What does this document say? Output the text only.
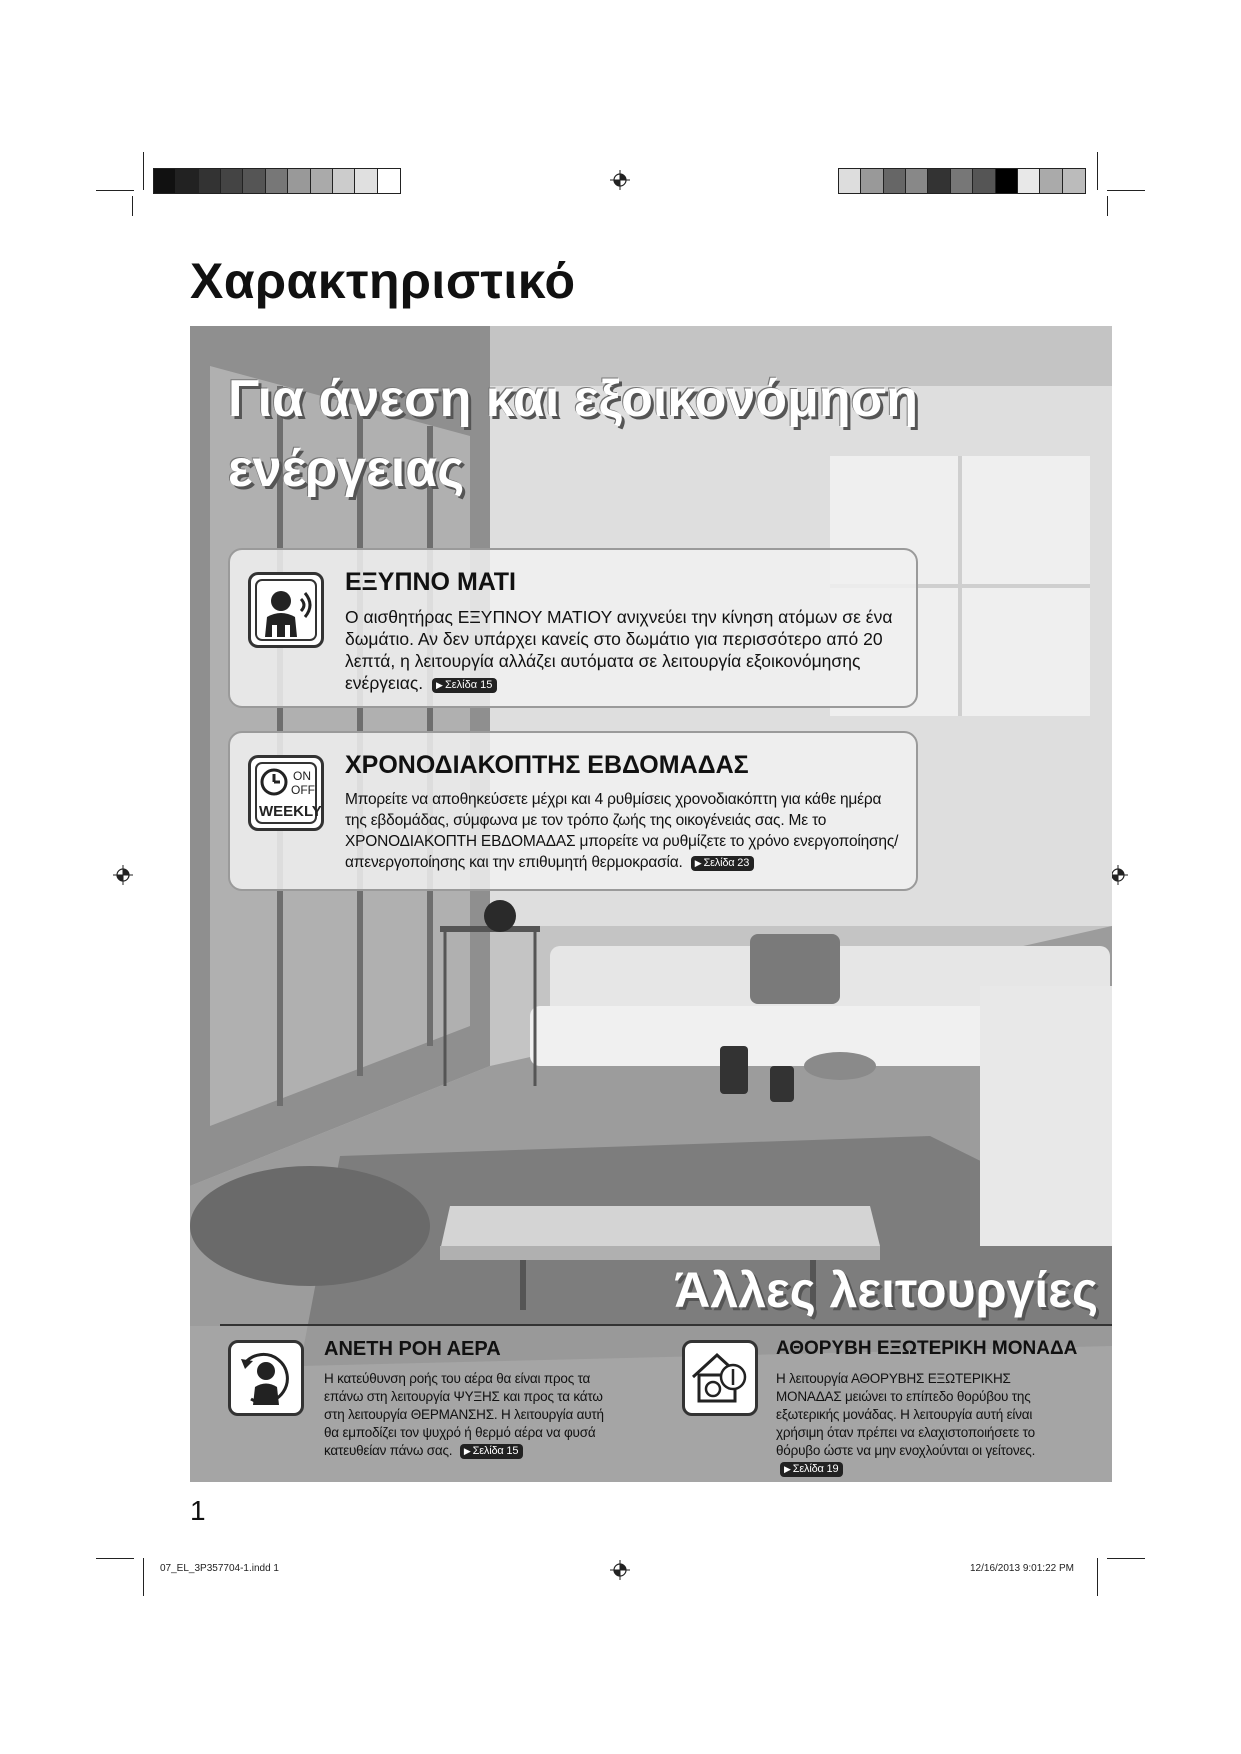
Χαρακτηριστικό
Για άνεση και εξοικονόμηση
ενέργειας
ΕΞΥΠΝΟ ΜΑΤΙ

Ο αισθητήρας ΕΞΥΠΝΟΥ ΜΑΤΙΟΥ ανιχνεύει την κίνηση ατόμων σε ένα δωμάτιο. Αν δεν υπάρχει κανείς στο δωμάτιο για περισσότερο από 20 λεπτά, η λειτουργία αλλάζει αυτόματα σε λειτουργία εξοικονόμησης ενέργειας. ▶ Σελίδα 15

ON
OFF
WEEKLY
ΧΡΟΝΟΔΙΑΚΟΠΤΗΣ ΕΒΔΟΜΑΔΑΣ

Μπορείτε να αποθηκεύσετε μέχρι και 4 ρυθμίσεις χρονοδιακόπτη για κάθε ημέρα της εβδομάδας, σύμφωνα με τον τρόπο ζωής της οικογένειάς σας. Με το ΧΡΟΝΟΔΙΑΚΟΠΤΗ ΕΒΔΟΜΑΔΑΣ μπορείτε να ρυθμίζετε το χρόνο ενεργοποίησης/απενεργοποίησης και την επιθυμητή θερμοκρασία. ▶ Σελίδα 23

Άλλες λειτουργίες
ΑΝΕΤΗ ΡΟΗ ΑΕΡΑ
Η κατεύθυνση ροής του αέρα θα είναι προς τα επάνω στη λειτουργία ΨΥΞΗΣ και προς τα κάτω στη λειτουργία ΘΕΡΜΑΝΣΗΣ. Η λειτουργία αυτή θα εμποδίζει τον ψυχρό ή θερμό αέρα να φυσά κατευθείαν πάνω σας. ▶ Σελίδα 15
ΑΘΟΡΥΒΗ ΕΞΩΤΕΡΙΚΗ ΜΟΝΑΔΑ
Η λειτουργία ΑΘΟΡΥΒΗΣ ΕΞΩΤΕΡΙΚΗΣ ΜΟΝΑΔΑΣ μειώνει το επίπεδο θορύβου της εξωτερικής μονάδας. Η λειτουργία αυτή είναι χρήσιμη όταν πρέπει να ελαχιστοποιήσετε το θόρυβο ώστε να μην ενοχλούνται οι γείτονες. ▶ Σελίδα 19
1
07_EL_3P357704-1.indd 1	12/16/2013 9:01:22 PM
